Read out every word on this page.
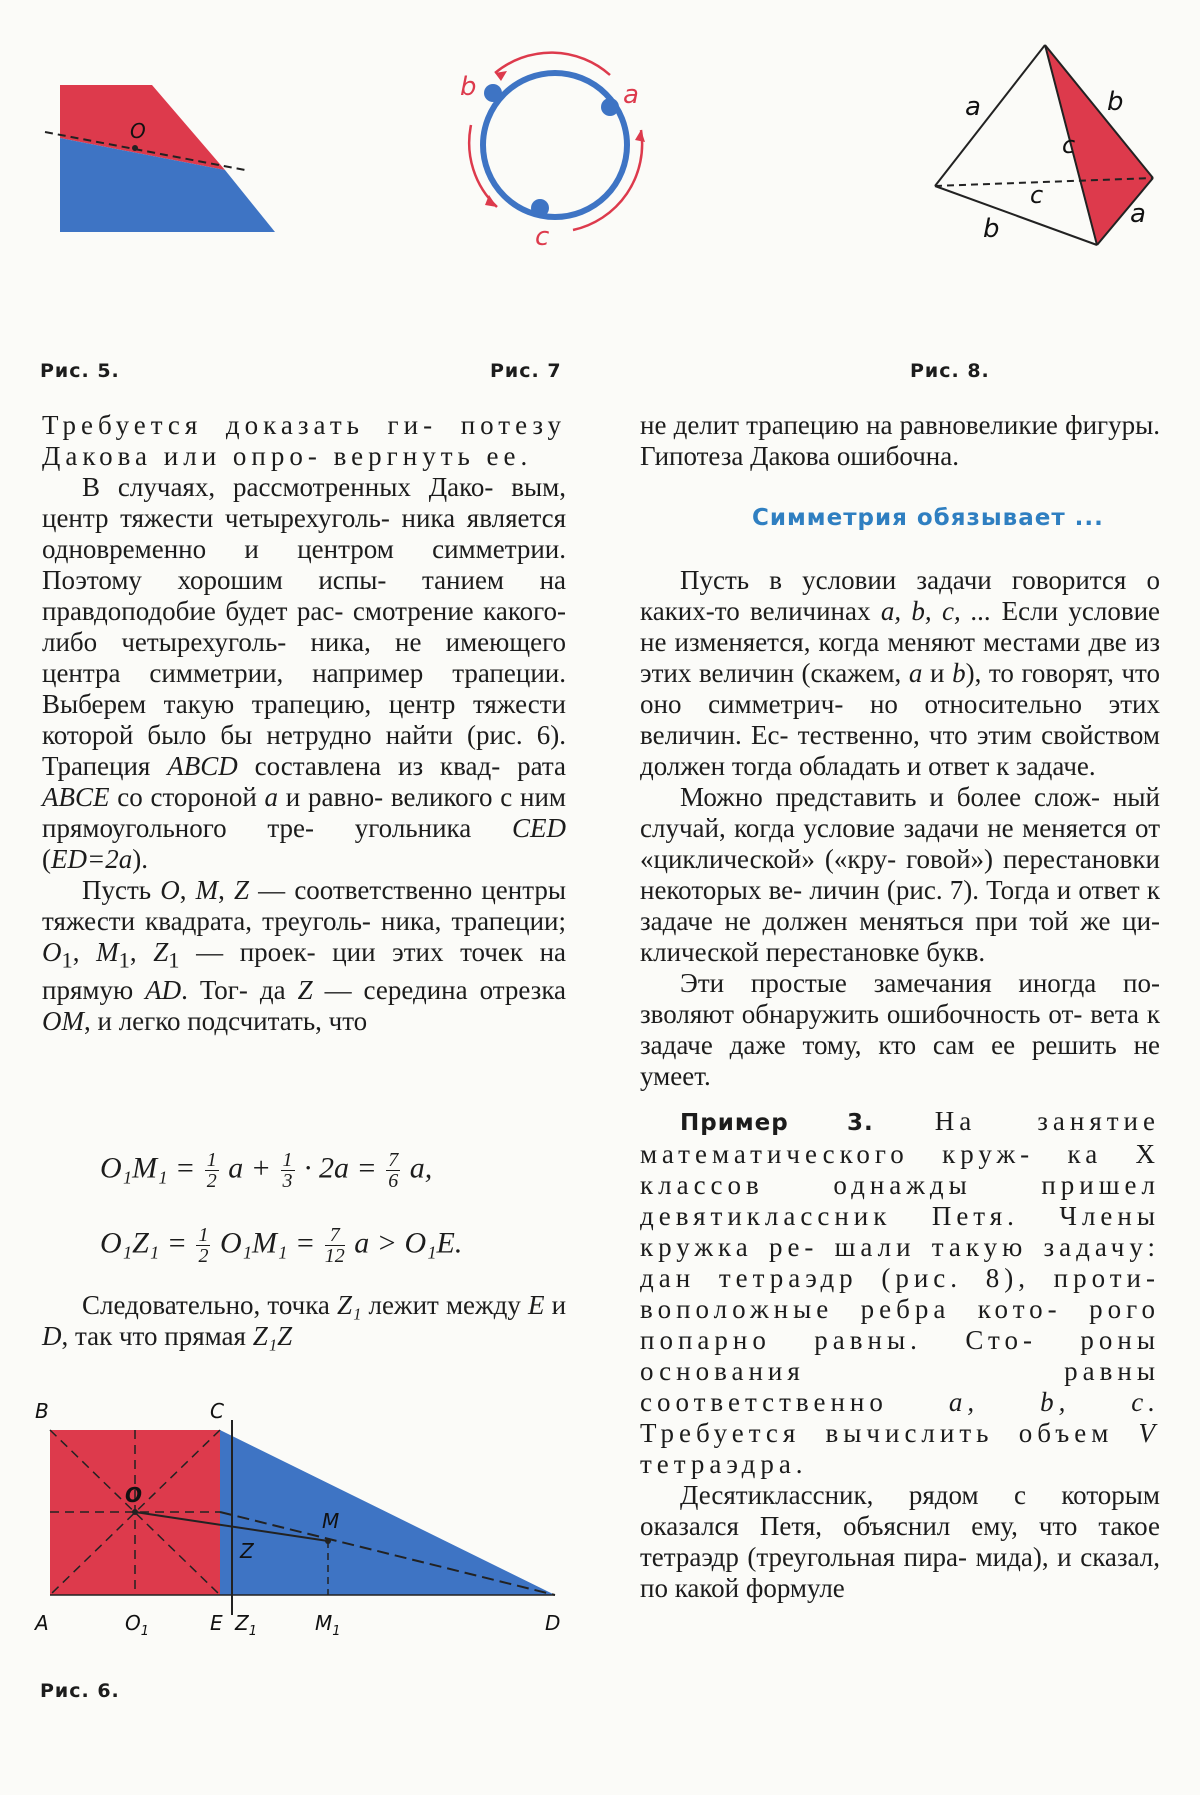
O
b	a
c
a	b
c
c
b	a
Рис. 5.	Рис. 7	Рис. 8.

Требуется доказать ги- потезу Дакова или опро- вергнуть ее.

В случаях, рассмотренных Дако- вым, центр тяжести четырехуголь- ника является одновременно и центром симметрии. Поэтому хорошим испы- танием на правдоподобие будет рас- смотрение какого-либо четырехуголь- ника, не имеющего центра симметрии, например трапеции. Выберем такую трапецию, центр тяжести которой было бы нетрудно найти (рис. 6). Трапеция ABCD составлена из квад- рата ABCE со стороной a и равно- великого с ним прямоугольного тре- угольника CED (ED=2a).

Пусть O, M, Z — соответственно центры тяжести квадрата, треуголь- ника, трапеции; $O_1$, $M_1$, $Z_1$ — проек- ции этих точек на прямую AD. Тог- да Z — середина отрезка OM, и легко подсчитать, что

$O_1M_1 = \frac{1}{2}$ $a + \frac{1}{3} \cdot 2a = \frac{7}{6} a$,
$O_1Z_1 = \frac{1}{2} O_1M_1 = \frac{7}{12}$ a > O₁E.

Следовательно, точка Z₁ лежит между E и D, так что прямая Z₁Z

B	C
O
M
Z
A	$O_1$	E $Z_1$	$M_1$	D
Рис. 6.

не делит трапецию на равновеликие фигуры. Гипотеза Дакова ошибочна.

Симметрия обязывает ...

Пусть в условии задачи говорится о каких-то величинах a, b, c, ... Если условие не изменяется, когда меняют местами две из этих величин (скажем, a и b), то говорят, что оно симметрич- но относительно этих величин. Ес- тественно, что этим свойством должен тогда обладать и ответ к задаче.

Можно представить и более слож- ный случай, когда условие задачи не меняется от «циклической» («кру- говой») перестановки некоторых ве- личин (рис. 7). Тогда и ответ к задаче не должен меняться при той же ци- клической перестановке букв.

Эти простые замечания иногда по- зволяют обнаружить ошибочность от- вета к задаче даже тому, кто сам ее решить не умеет.

Пример 3. На занятие математического круж- ка X классов однажды	пришел девятиклассник Петя. Члены кружка ре- шали такую задачу: дан тетраэдр (рис. 8), проти- воположные ребра кото- рого попарно равны. Сто- роны основания равны соответственно a, b, c. Требуется вычислить объем V тетраэдра.

Десятиклассник, рядом с которым оказался Петя, объяснил ему, что такое тетраэдр (треугольная пира- мида), и сказал, по какой формуле
